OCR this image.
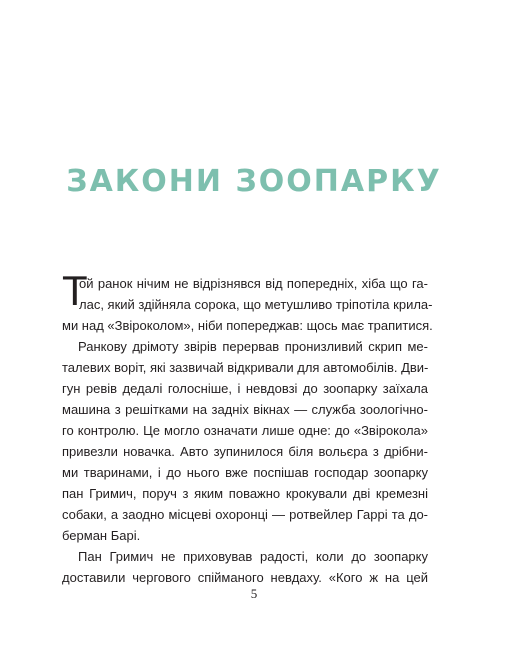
ЗАКОНИ ЗООПАРКУ
Т
ой ранок нічим не відрізнявся від попередніх, хіба що га-
лас, який здійняла сорока, що метушливо тріпотіла крила-
ми над «Звіроколом», ніби попереджав: щось має трапитися.
Ранкову дрімоту звірів перервав пронизливий скрип ме-
талевих воріт, які зазвичай відкривали для автомобілів. Дви-
гун ревів дедалі голосніше, і невдовзі до зоопарку заїхала
машина з решітками на задніх вікнах — служба зоологічно-
го контролю. Це могло означати лише одне: до «Звірокола»
привезли новачка. Авто зупинилося біля вольєра з дрібни-
ми тваринами, і до нього вже поспішав господар зоопарку
пан Гримич, поруч з яким поважно крокували дві кремезні
собаки, а заодно місцеві охоронці — ротвейлер Гаррі та до-
берман Барі.
Пан Гримич не приховував радості, коли до зоопарку
доставили чергового спійманого невдаху. «Кого ж на цей
5
